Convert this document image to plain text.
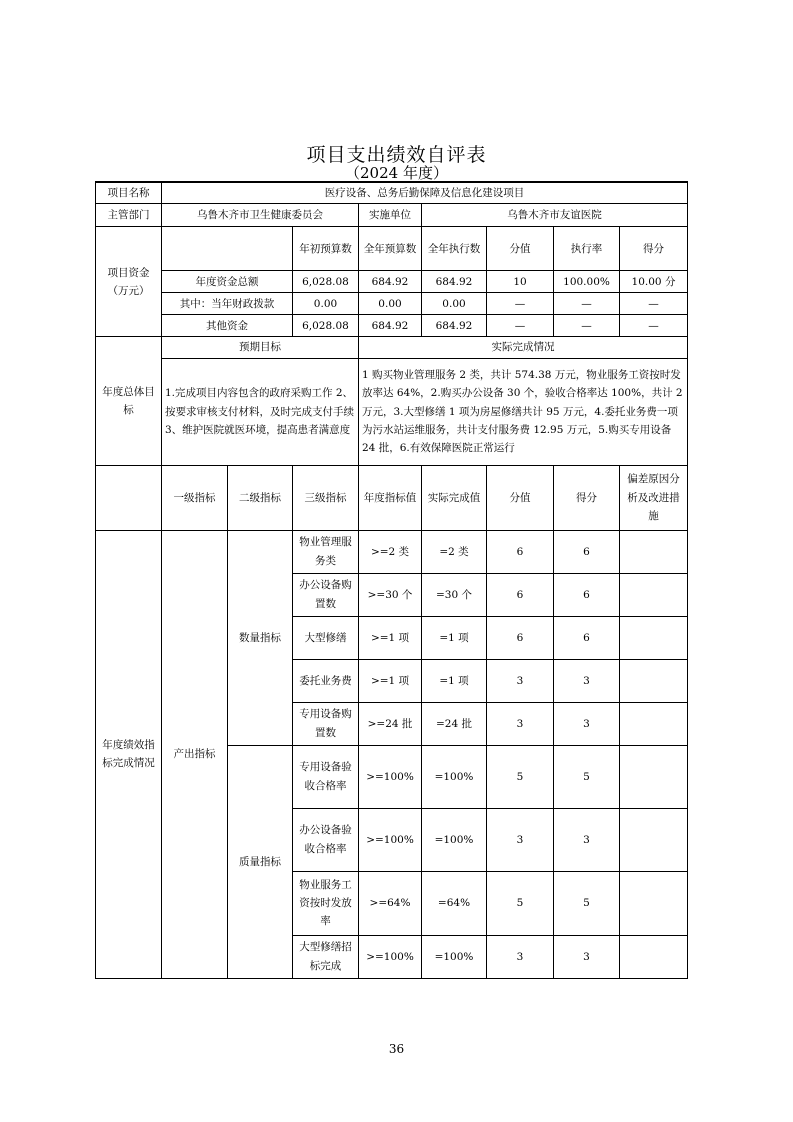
项目支出绩效自评表
（2024 年度）
项目名称	医疗设备、总务后勤保障及信息化建设项目							
主管部门	乌鲁木齐市卫生健康委员会			实施单位	乌鲁木齐市友谊医院			
项目资金（万元）			年初预算数	全年预算数	全年执行数	分值	执行率	得分
	年度资金总额		6,028.08	684.92	684.92	10	100.00%	10.00 分
	其中：当年财政拨款		0.00	0.00	0.00	—	—	—
	其他资金		6,028.08	684.92	684.92	—	—	—
年度总体目标	预期目标			实际完成情况				
	1.完成项目内容包含的政府采购工作 2、按要求审核支付材料，及时完成支付手续 3、维护医院就医环境，提高患者满意度			1 购买物业管理服务 2 类，共计 574.38 万元，物业服务工资按时发放率达 64%，2.购买办公设备 30 个，验收合格率达 100%，共计 2 万元，3.大型修缮 1 项为房屋修缮共计 95 万元，4.委托业务费一项为污水站运维服务，共计支付服务费 12.95 万元，5.购买专用设备 24 批，6.有效保障医院正常运行				
	一级指标	二级指标	三级指标	年度指标值	实际完成值	分值	得分	偏差原因分析及改进措施
年度绩效指标完成情况	产出指标	数量指标	物业管理服务类	>=2 类	=2 类	6	6	
			办公设备购置数	>=30 个	=30 个	6	6	
			大型修缮	>=1 项	=1 项	6	6	
			委托业务费	>=1 项	=1 项	3	3	
			专用设备购置数	>=24 批	=24 批	3	3	
		质量指标	专用设备验收合格率	>=100%	=100%	5	5	
			办公设备验收合格率	>=100%	=100%	3	3	
			物业服务工资按时发放率	>=64%	=64%	5	5	
			大型修缮招标完成	>=100%	=100%	3	3	
36
